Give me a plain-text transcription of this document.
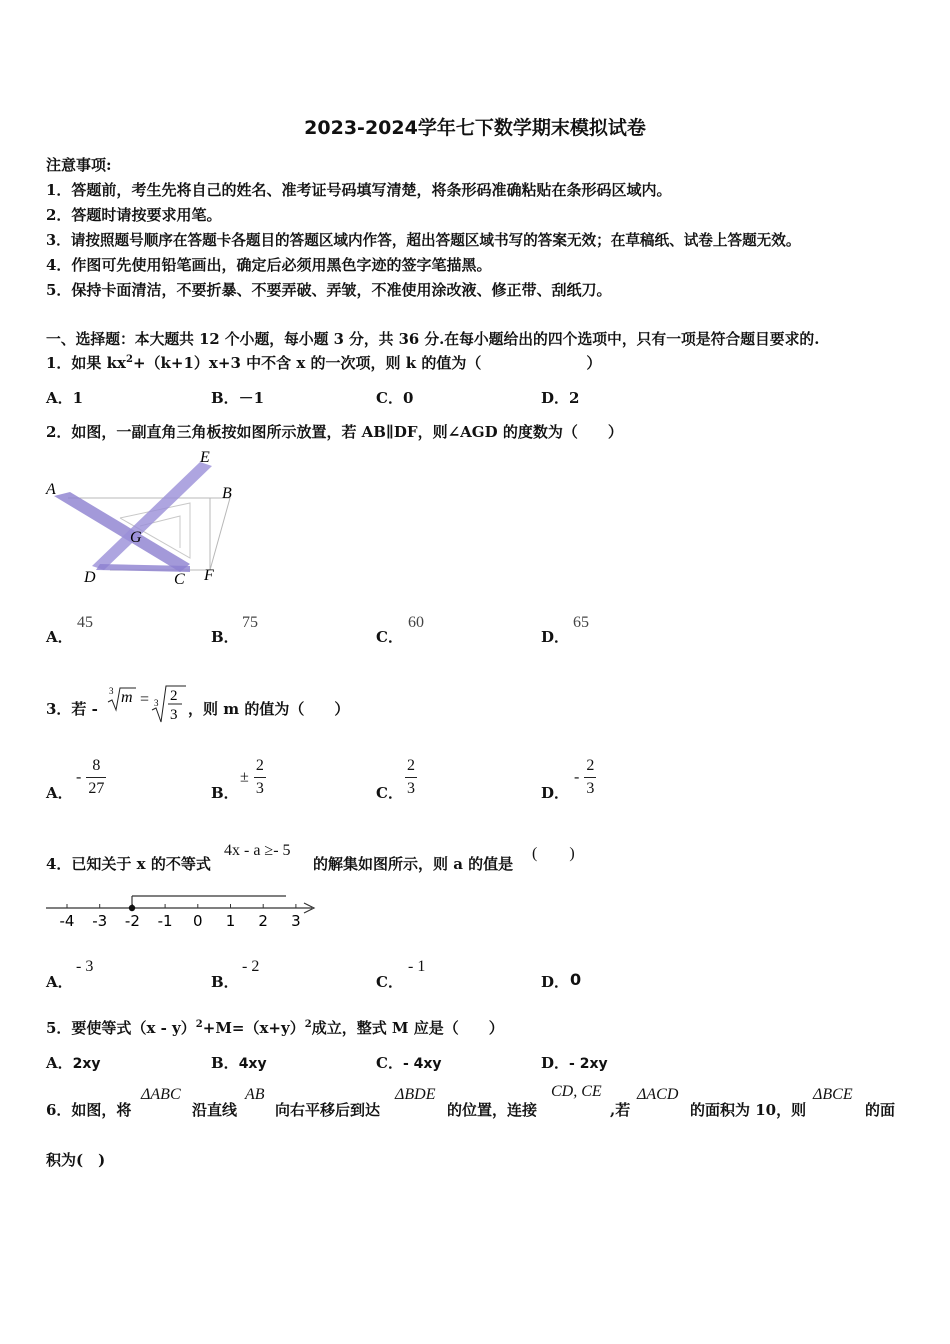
2023-2024学年七下数学期末模拟试卷
注意事项:
1．答题前，考生先将自己的姓名、准考证号码填写清楚，将条形码准确粘贴在条形码区域内。
2．答题时请按要求用笔。
3．请按照题号顺序在答题卡各题目的答题区域内作答，超出答题区域书写的答案无效；在草稿纸、试卷上答题无效。
4．作图可先使用铅笔画出，确定后必须用黑色字迹的签字笔描黑。
5．保持卡面清洁，不要折暴、不要弄破、弄皱，不准使用涂改液、修正带、刮纸刀。
一、选择题：本大题共 12 个小题，每小题 3 分，共 36 分.在每小题给出的四个选项中，只有一项是符合题目要求的.
1．如果 $kx^2+(k+1)x+3$ 中不含 x 的一次项，则 k 的值为（　　　　　　　）
A．1	B．－1	C．0	D．2
2．如图，一副直角三角板按如图所示放置，若 AB∥DF，则∠AGD 的度数为（　　）
A	B
E
G
D	C F
A．
45
B．
75
C．
60
D．
65
3．若 -
3 m = 3 2
3 ，则 m 的值为（　　）
A．
- $\frac{8}{27}$	B．
± $\frac{2}{3}$	C． $\frac{2}{3}$	D．
- $\frac{2}{3}$
4．已知关于 x 的不等式
4x - a ≥- 5
的解集如图所示，则 a 的值是
(　　)
-4 -3 -2 -1 0 1 2 3
A．
- 3
B．
- 2
C．
- 1
D． 0
5．要使等式$(x - y)^2+M=(x+y)^2$成立，整式 M 应是（　　）
A．2xy	B．4xy	C．- 4xy	D．- 2xy
6．如图，将
ΔABC
沿直线
AB
向右平移后到达
ΔBDE
的位置，连接
CD, CE
,若
ΔACD
的面积为 10，则
ΔBCE
的面
积为(　)
